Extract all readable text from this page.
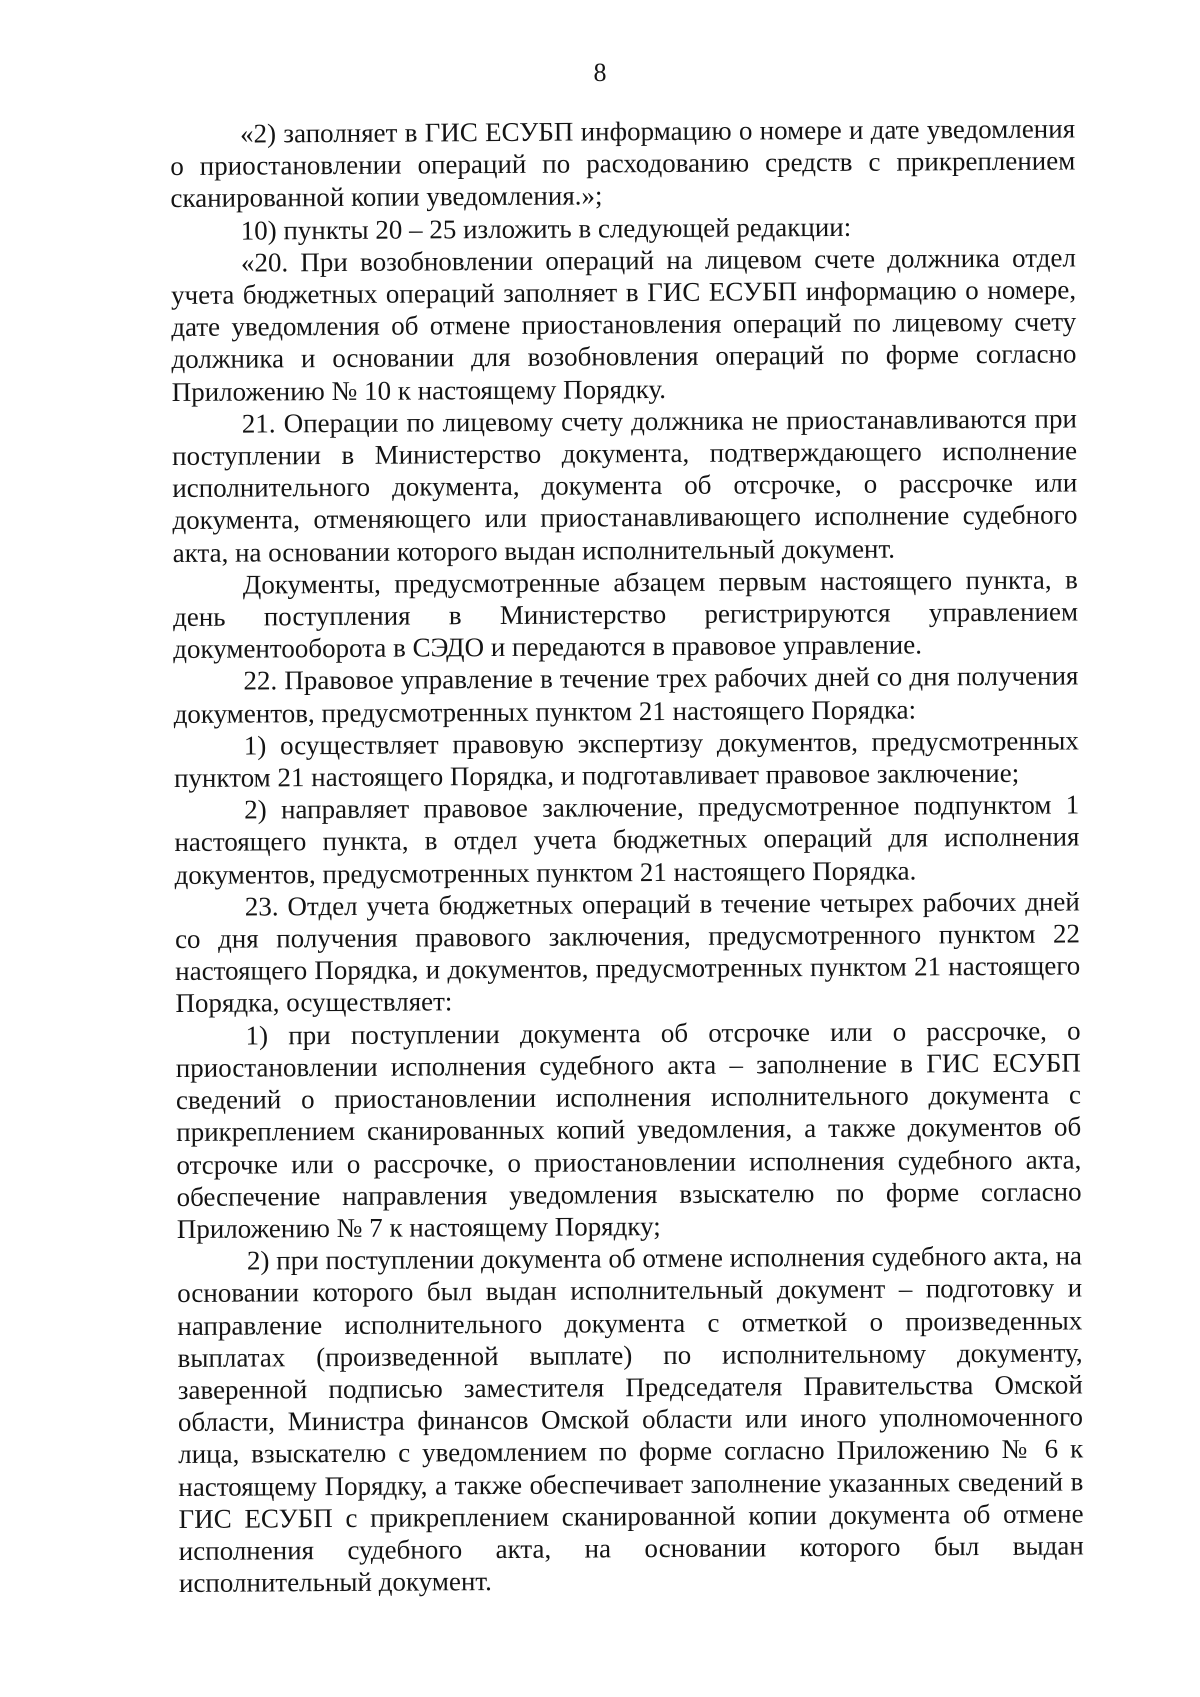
8

«2) заполняет в ГИС ЕСУБП информацию о номере и дате уведомления о приостановлении операций по расходованию средств с прикреплением сканированной копии уведомления.»;

10) пункты 20 – 25 изложить в следующей редакции:

«20. При возобновлении операций на лицевом счете должника отдел учета бюджетных операций заполняет в ГИС ЕСУБП информацию о номере, дате уведомления об отмене приостановления операций по лицевому счету должника и основании для возобновления операций по форме согласно Приложению № 10 к настоящему Порядку.

21. Операции по лицевому счету должника не приостанавливаются при поступлении в Министерство документа, подтверждающего исполнение исполнительного документа, документа об отсрочке, о рассрочке или документа, отменяющего или приостанавливающего исполнение судебного акта, на основании которого выдан исполнительный документ.

Документы, предусмотренные абзацем первым настоящего пункта, в день поступления в Министерство регистрируются управлением документооборота в СЭДО и передаются в правовое управление.

22. Правовое управление в течение трех рабочих дней со дня получения документов, предусмотренных пунктом 21 настоящего Порядка:

1) осуществляет правовую экспертизу документов, предусмотренных пунктом 21 настоящего Порядка, и подготавливает правовое заключение;

2) направляет правовое заключение, предусмотренное подпунктом 1 настоящего пункта, в отдел учета бюджетных операций для исполнения документов, предусмотренных пунктом 21 настоящего Порядка.

23. Отдел учета бюджетных операций в течение четырех рабочих дней со дня получения правового заключения, предусмотренного пунктом 22 настоящего Порядка, и документов, предусмотренных пунктом 21 настоящего Порядка, осуществляет:

1) при поступлении документа об отсрочке или о рассрочке, о приостановлении исполнения судебного акта – заполнение в ГИС ЕСУБП сведений о приостановлении исполнения исполнительного документа с прикреплением сканированных копий уведомления, а также документов об отсрочке или о рассрочке, о приостановлении исполнения судебного акта, обеспечение направления уведомления взыскателю по форме согласно Приложению № 7 к настоящему Порядку;

2) при поступлении документа об отмене исполнения судебного акта, на основании которого был выдан исполнительный документ – подготовку и направление исполнительного документа с отметкой о произведенных выплатах (произведенной выплате) по исполнительному документу, заверенной подписью заместителя Председателя Правительства Омской области, Министра финансов Омской области или иного уполномоченного лица, взыскателю с уведомлением по форме согласно Приложению № 6 к настоящему Порядку, а также обеспечивает заполнение указанных сведений в ГИС ЕСУБП с прикреплением сканированной копии документа об отмене исполнения судебного акта, на основании которого был выдан исполнительный документ.
